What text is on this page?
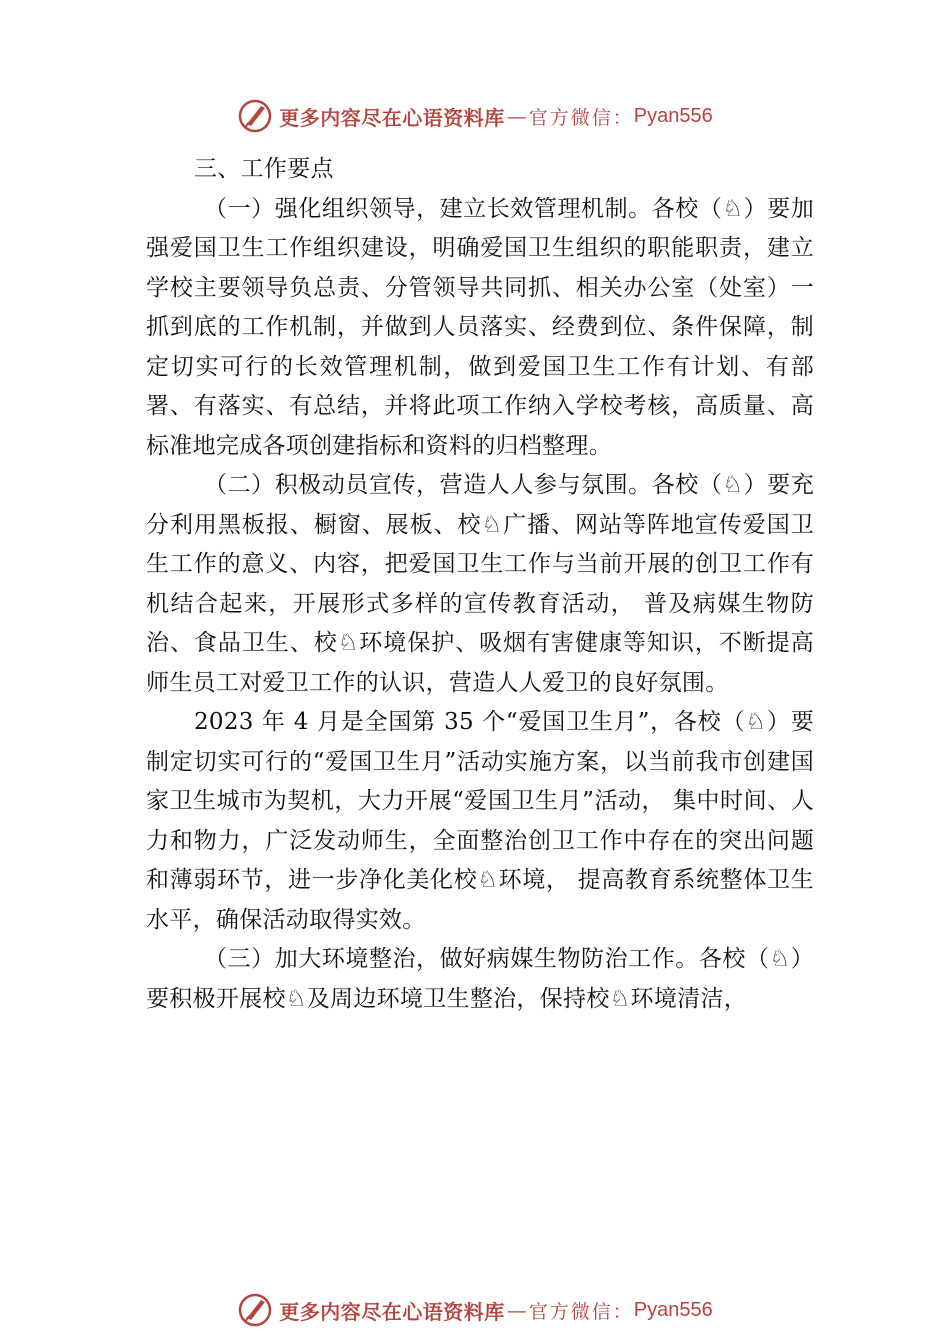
更多内容尽在心语资料库 — 官方微信： Pyan556

三、工作要点

（一）强化组织领导，建立长效管理机制。各校（♘）要加强爱国卫生工作组织建设，明确爱国卫生组织的职能职责，建立学校主要领导负总责、分管领导共同抓、相关办公室（处室）一抓到底的工作机制，并做到人员落实、经费到位、条件保障，制定切实可行的长效管理机制，做到爱国卫生工作有计划、有部署、有落实、有总结，并将此项工作纳入学校考核，高质量、高标准地完成各项创建指标和资料的归档整理。

（二）积极动员宣传，营造人人参与氛围。各校（♘）要充分利用黑板报、橱窗、展板、校♘广播、网站等阵地宣传爱国卫生工作的意义、内容，把爱国卫生工作与当前开展的创卫工作有机结合起来，开展形式多样的宣传教育活动， 普及病媒生物防治、食品卫生、校♘环境保护、吸烟有害健康等知识，不断提高师生员工对爱卫工作的认识，营造人人爱卫的良好氛围。

2023 年 4 月是全国第 35 个“爱国卫生月”，各校（♘）要制定切实可行的“爱国卫生月”活动实施方案，以当前我市创建国家卫生城市为契机，大力开展“爱国卫生月”活动， 集中时间、人力和物力，广泛发动师生，全面整治创卫工作中存在的突出问题和薄弱环节，进一步净化美化校♘环境， 提高教育系统整体卫生水平，确保活动取得实效。

（三）加大环境整治，做好病媒生物防治工作。各校（♘）要积极开展校♘及周边环境卫生整治，保持校♘环境清洁，

更多内容尽在心语资料库 — 官方微信： Pyan556
